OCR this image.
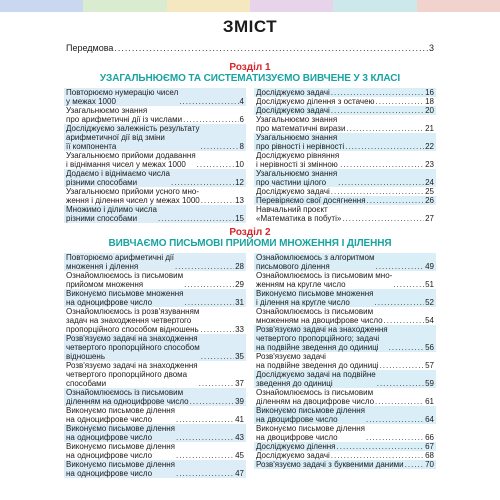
ЗМІСТ
Передмова .....	3
Розділ 1
УЗАГАЛЬНЮЄМО ТА СИСТЕМАТИЗУЄМО ВИВЧЕНЕ У 3 КЛАСІ
Повторюємо нумерацію чисел
у межах 1000 .....	4
Узагальнюємо знання
про арифметичні дії із числами .....	6
Досліджуємо залежність результату
арифметичної дії від зміни
її компонента .....	8
Узагальнюємо прийоми додавання
і віднімання чисел у межах 1000 .....	10
Додаємо і віднімаємо числа
різними способами .....	12
Узагальнюємо прийоми усного мно-
ження і ділення чисел у межах 1000 .....	13
Множимо і ділимо числа
різними способами .....	15
Досліджуємо задачі .....	16
Досліджуємо ділення з остачею .....	18
Досліджуємо задачі .....	20
Узагальнюємо знання
про математичні вирази .....	21
Узагальнюємо знання
про рівності і нерівності .....	22
Досліджуємо рівняння
і нерівності зі змінною .....	23
Узагальнюємо знання
про частини цілого .....	24
Досліджуємо задачі .....	25
Перевіряємо свої досягнення .....	26
Навчальний проєкт
«Математика в побуті» .....	27
Розділ 2
ВИВЧАЄМО ПИСЬМОВІ ПРИЙОМИ МНОЖЕННЯ І ДІЛЕННЯ
Повторюємо арифметичні дії
множення і ділення .....	28
Ознайомлюємось із письмовим
прийомом множення .....	29
Виконуємо письмове множення
на одноцифрове число .....	31
Ознайомлюємось із розв'язуванням
задач на знаходження четвертого
пропорційного способом відношень .....	33
Розв'язуємо задачі на знаходження
четвертого пропорційного способом
відношень .....	35
Розв'язуємо задачі на знаходження
четвертого пропорційного двома
способами .....	37
Ознайомлюємось із письмовим
діленням на одноцифрове число .....	39
Виконуємо письмове ділення
на одноцифрове число .....	41
Виконуємо письмове ділення
на одноцифрове число .....	43
Виконуємо письмове ділення
на одноцифрове число .....	45
Виконуємо письмове ділення
на одноцифрове число .....	47
Ознайомлюємось з алгоритмом
письмового ділення .....	49
Ознайомлюємось із письмовим мно-
женням на кругле число .....	51
Виконуємо письмове множення
і ділення на кругле число .....	52
Ознайомлюємось із письмовим
множенням на двоцифрове число .....	54
Розв'язуємо задачі на знаходження
четвертого пропорційного; задачі
на подвійне зведення до одиниці .....	56
Розв'язуємо задачі
на подвійне зведення до одиниці .....	57
Досліджуємо задачі на подвійне
зведення до одиниці .....	59
Ознайомлюємось із письмовим
діленням на двоцифрове число .....	61
Виконуємо письмове ділення
на двоцифрове число .....	64
Виконуємо письмове ділення
на двоцифрове число .....	66
Досліджуємо ділення .....	67
Досліджуємо задачі .....	68
Розв'язуємо задачі з буквеними даними .....	70
